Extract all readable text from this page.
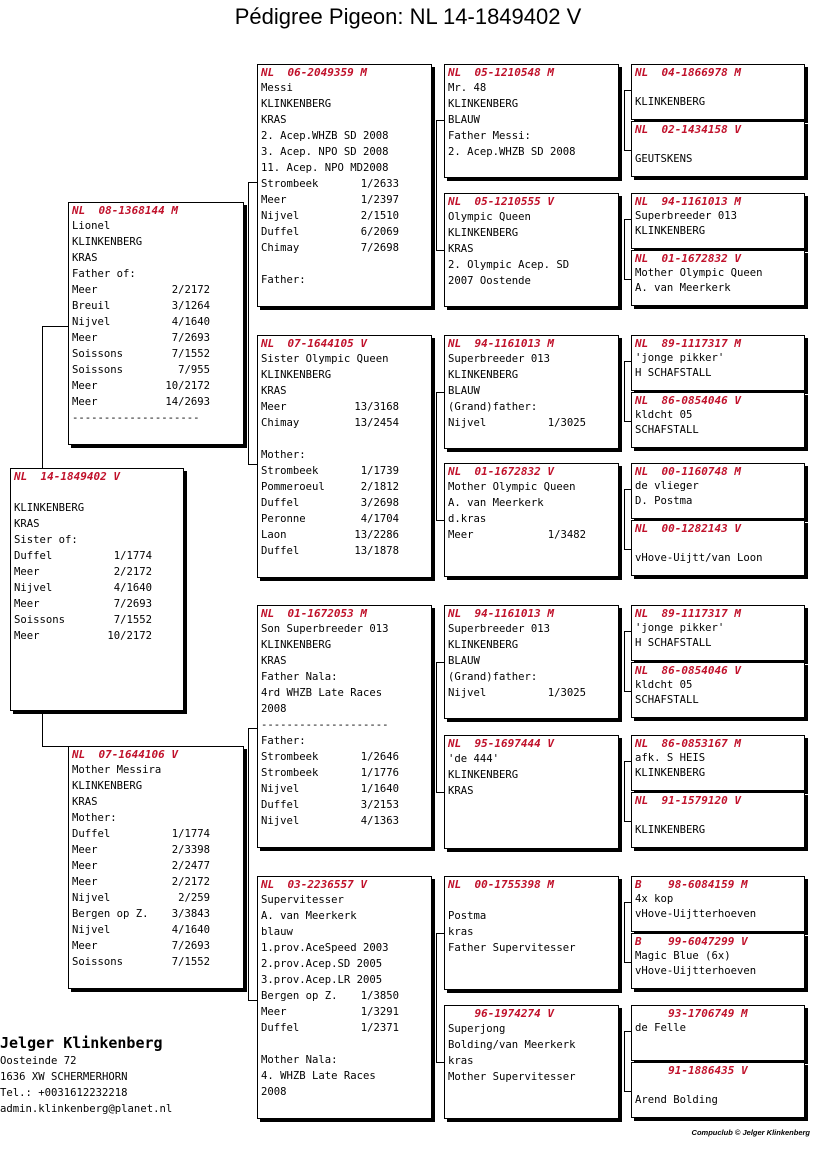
Pédigree Pigeon: NL 14-1849402 V
NL  14-1849402 V

KLINKENBERG
KRAS
Sister of:
Duffel	1/1774
Meer	2/2172
Nijvel	4/1640
Meer	7/2693
Soissons	7/1552
Meer	10/2172
NL  08-1368144 M
Lionel
KLINKENBERG
KRAS
Father of:
Meer	2/2172
Breuil	3/1264
Nijvel	4/1640
Meer	7/2693
Soissons	7/1552
Soissons	7/955
Meer	10/2172
Meer	14/2693
--------------------
NL  07-1644106 V
Mother Messira
KLINKENBERG
KRAS
Mother:
Duffel	1/1774
Meer	2/3398
Meer	2/2477
Meer	2/2172
Nijvel	2/259
Bergen op Z. 3/3843
Nijvel	4/1640
Meer	7/2693
Soissons	7/1552
NL  06-2049359 M
Messi
KLINKENBERG
KRAS
2. Acep.WHZB SD 2008
3. Acep. NPO SD 2008
11. Acep. NPO MD2008
Strombeek	1/2633
Meer	1/2397
Nijvel	2/1510
Duffel	6/2069
Chimay	7/2698

Father:
NL  07-1644105 V
Sister Olympic Queen
KLINKENBERG
KRAS
Meer	13/3168
Chimay	13/2454

Mother:
Strombeek	1/1739
Pommeroeul	2/1812
Duffel	3/2698
Peronne	4/1704
Laon	13/2286
Duffel	13/1878
NL  01-1672053 M
Son Superbreeder 013
KLINKENBERG
KRAS
Father Nala:
4rd WHZB Late Races
2008
--------------------
Father:
Strombeek	1/2646
Strombeek	1/1776
Nijvel	1/1640
Duffel	3/2153
Nijvel	4/1363
NL  03-2236557 V
Supervitesser
A. van Meerkerk
blauw
1.prov.AceSpeed 2003
2.prov.Acep.SD 2005
3.prov.Acep.LR 2005
Bergen op Z. 1/3850
Meer	1/3291
Duffel	1/2371

Mother Nala:
4. WHZB Late Races
2008
NL  05-1210548 M
Mr. 48
KLINKENBERG
BLAUW
Father Messi:
2. Acep.WHZB SD 2008
NL  05-1210555 V
Olympic Queen
KLINKENBERG
KRAS
2. Olympic Acep. SD
2007 Oostende
NL  94-1161013 M
Superbreeder 013
KLINKENBERG
BLAUW
(Grand)father:
Nijvel	1/3025
NL  01-1672832 V
Mother Olympic Queen
A. van Meerkerk
d.kras
Meer	1/3482
NL  94-1161013 M
Superbreeder 013
KLINKENBERG
BLAUW
(Grand)father:
Nijvel	1/3025
NL  95-1697444 V
'de 444'
KLINKENBERG
KRAS
NL  00-1755398 M

Postma
kras
Father Supervitesser
96-1974274 V
Superjong
Bolding/van Meerkerk
kras
Mother Supervitesser
NL  04-1866978 M

KLINKENBERG
NL  02-1434158 V

GEUTSKENS
NL  94-1161013 M
Superbreeder 013
KLINKENBERG
NL  01-1672832 V
Mother Olympic Queen
A. van Meerkerk
NL  89-1117317 M
'jonge pikker'
H SCHAFSTALL
NL  86-0854046 V
kldcht 05
SCHAFSTALL
NL  00-1160748 M
de vlieger
D. Postma
NL  00-1282143 V

vHove-Uijtt/van Loon
NL  89-1117317 M
'jonge pikker'
H SCHAFSTALL
NL  86-0854046 V
kldcht 05
SCHAFSTALL
NL  86-0853167 M
afk. S HEIS
KLINKENBERG
NL  91-1579120 V

KLINKENBERG
B    98-6084159 M
4x kop
vHove-Uijtterhoeven
B    99-6047299 V
Magic Blue (6x)
vHove-Uijtterhoeven
93-1706749 M
de Felle
91-1886435 V

Arend Bolding
Jelger Klinkenberg
Oosteinde 72
1636 XW SCHERMERHORN
Tel.: +0031612232218
admin.klinkenberg@planet.nl
Compuclub © Jelger Klinkenberg
